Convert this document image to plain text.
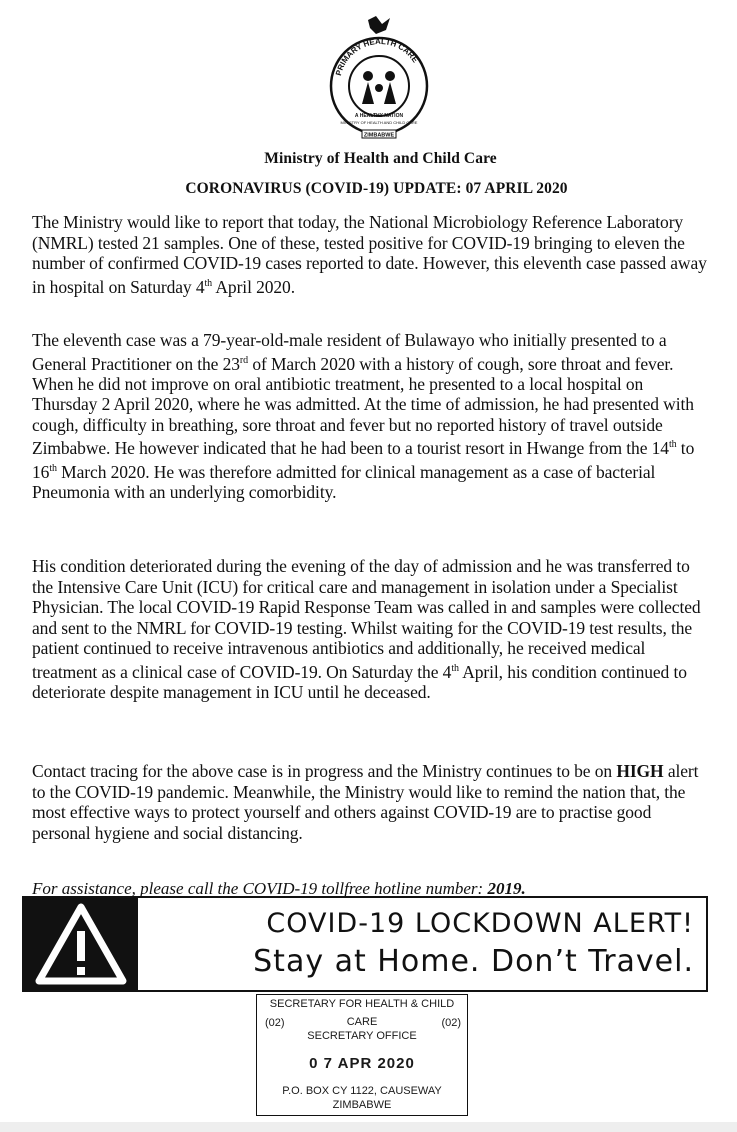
PRIMARY HEALTH CARE
A HEALTHY NATION
MINISTRY OF HEALTH AND CHILD CARE
ZIMBABWE
Ministry of Health and Child Care
CORONAVIRUS (COVID-19) UPDATE: 07 APRIL 2020

The Ministry would like to report that today, the National Microbiology Reference Laboratory (NMRL) tested 21 samples. One of these, tested positive for COVID-19 bringing to eleven the number of confirmed COVID-19 cases reported to date. However, this eleventh case passed away in hospital on Saturday 4th April 2020.

The eleventh case was a 79-year-old-male resident of Bulawayo who initially presented to a General Practitioner on the 23rd of March 2020 with a history of cough, sore throat and fever. When he did not improve on oral antibiotic treatment, he presented to a local hospital on Thursday 2 April 2020, where he was admitted. At the time of admission, he had presented with cough, difficulty in breathing, sore throat and fever but no reported history of travel outside Zimbabwe. He however indicated that he had been to a tourist resort in Hwange from the 14th to 16th March 2020. He was therefore admitted for clinical management as a case of bacterial Pneumonia with an underlying comorbidity.

His condition deteriorated during the evening of the day of admission and he was transferred to the Intensive Care Unit (ICU) for critical care and management in isolation under a Specialist Physician. The local COVID-19 Rapid Response Team was called in and samples were collected and sent to the NMRL for COVID-19 testing. Whilst waiting for the COVID-19 test results, the patient continued to receive intravenous antibiotics and additionally, he received medical treatment as a clinical case of COVID-19. On Saturday the 4th April, his condition continued to deteriorate despite management in ICU until he deceased.

Contact tracing for the above case is in progress and the Ministry continues to be on HIGH alert to the COVID-19 pandemic. Meanwhile, the Ministry would like to remind the nation that, the most effective ways to protect yourself and others against COVID-19 are to practise good personal hygiene and social distancing.

For assistance, please call the COVID-19 tollfree hotline number: 2019.
COVID-19 LOCKDOWN ALERT!
Stay at Home. Don’t Travel.
SECRETARY FOR HEALTH & CHILD
(02)	CARE	(02)
SECRETARY OFFICE
0 7 APR 2020
P.O. BOX CY 1122, CAUSEWAY
ZIMBABWE
